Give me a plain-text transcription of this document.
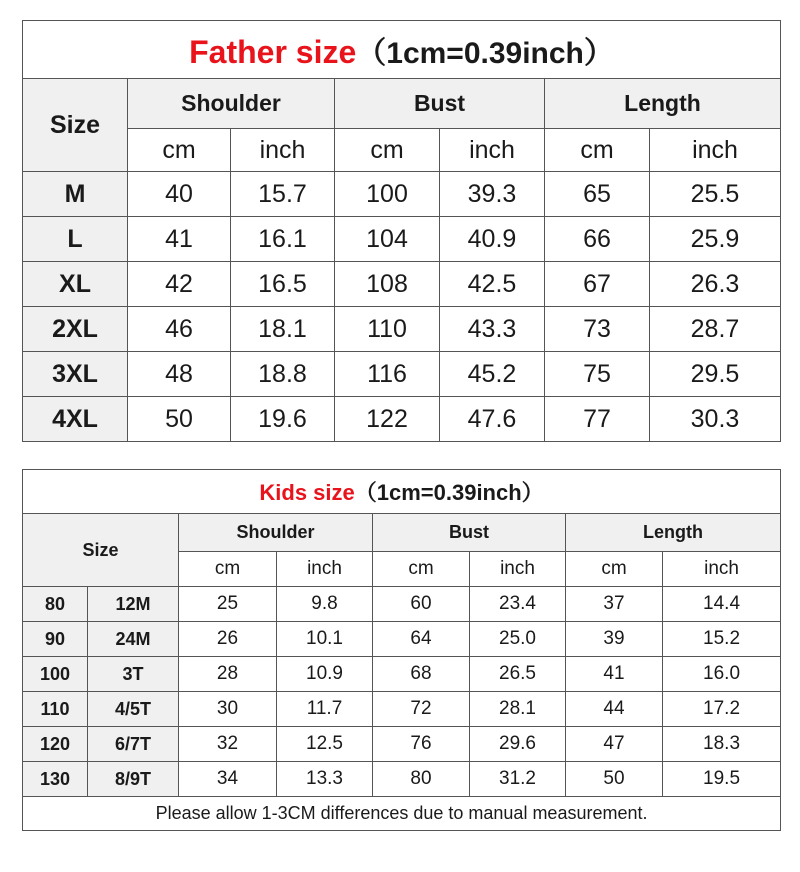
Father size（1cm=0.39inch）						
Size	Shoulder		Bust		Length	
	cm	inch	cm	inch	cm	inch
M	40	15.7	100	39.3	65	25.5
L	41	16.1	104	40.9	66	25.9
XL	42	16.5	108	42.5	67	26.3
2XL	46	18.1	110	43.3	73	28.7
3XL	48	18.8	116	45.2	75	29.5
4XL	50	19.6	122	47.6	77	30.3
Kids size（1cm=0.39inch）							
Size		Shoulder		Bust		Length	
		cm	inch	cm	inch	cm	inch
80	12M	25	9.8	60	23.4	37	14.4
90	24M	26	10.1	64	25.0	39	15.2
100	3T	28	10.9	68	26.5	41	16.0
110	4/5T	30	11.7	72	28.1	44	17.2
120	6/7T	32	12.5	76	29.6	47	18.3
130	8/9T	34	13.3	80	31.2	50	19.5
Please allow 1-3CM differences due to manual measurement.							
